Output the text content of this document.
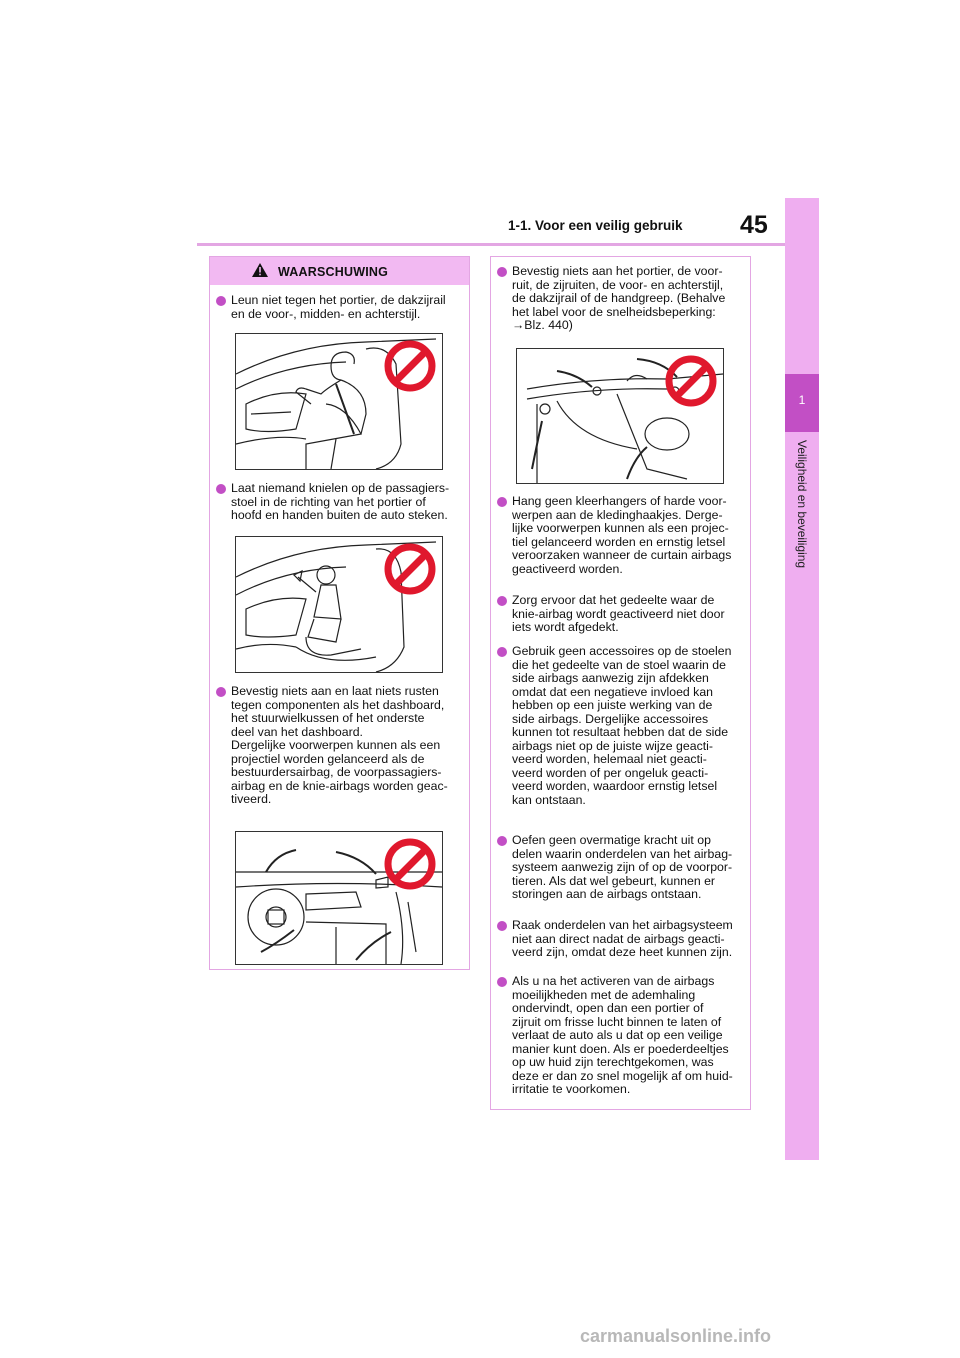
1-1. Voor een veilig gebruik 45
1
Veiligheid en beveiliging
WAARSCHUWING
Leun niet tegen het portier, de dakzijrail
en de voor-, midden- en achterstijl.
Laat niemand knielen op de passagiers-
stoel in de richting van het portier of
hoofd en handen buiten de auto steken.
Bevestig niets aan en laat niets rusten
tegen componenten als het dashboard,
het stuurwielkussen of het onderste
deel van het dashboard.
Dergelijke voorwerpen kunnen als een
projectiel worden gelanceerd als de
bestuurdersairbag, de voorpassagiers-
airbag en de knie-airbags worden geac-
tiveerd.
Bevestig niets aan het portier, de voor-
ruit, de zijruiten, de voor- en achterstijl,
de dakzijrail of de handgreep. (Behalve
het label voor de snelheidsbeperking:
→Blz. 440)
Hang geen kleerhangers of harde voor-
werpen aan de kledinghaakjes. Derge-
lijke voorwerpen kunnen als een projec-
tiel gelanceerd worden en ernstig letsel
veroorzaken wanneer de curtain airbags
geactiveerd worden.
Zorg ervoor dat het gedeelte waar de
knie-airbag wordt geactiveerd niet door
iets wordt afgedekt.
Gebruik geen accessoires op de stoelen
die het gedeelte van de stoel waarin de
side airbags aanwezig zijn afdekken
omdat dat een negatieve invloed kan
hebben op een juiste werking van de
side airbags. Dergelijke accessoires
kunnen tot resultaat hebben dat de side
airbags niet op de juiste wijze geacti-
veerd worden, helemaal niet geacti-
veerd worden of per ongeluk geacti-
veerd worden, waardoor ernstig letsel
kan ontstaan.
Oefen geen overmatige kracht uit op
delen waarin onderdelen van het airbag-
systeem aanwezig zijn of op de voorpor-
tieren. Als dat wel gebeurt, kunnen er
storingen aan de airbags ontstaan.
Raak onderdelen van het airbagsysteem
niet aan direct nadat de airbags geacti-
veerd zijn, omdat deze heet kunnen zijn.
Als u na het activeren van de airbags
moeilijkheden met de ademhaling
ondervindt, open dan een portier of
zijruit om frisse lucht binnen te laten of
verlaat de auto als u dat op een veilige
manier kunt doen. Als er poederdeeltjes
op uw huid zijn terechtgekomen, was
deze er dan zo snel mogelijk af om huid-
irritatie te voorkomen.
carmanualsonline.info
